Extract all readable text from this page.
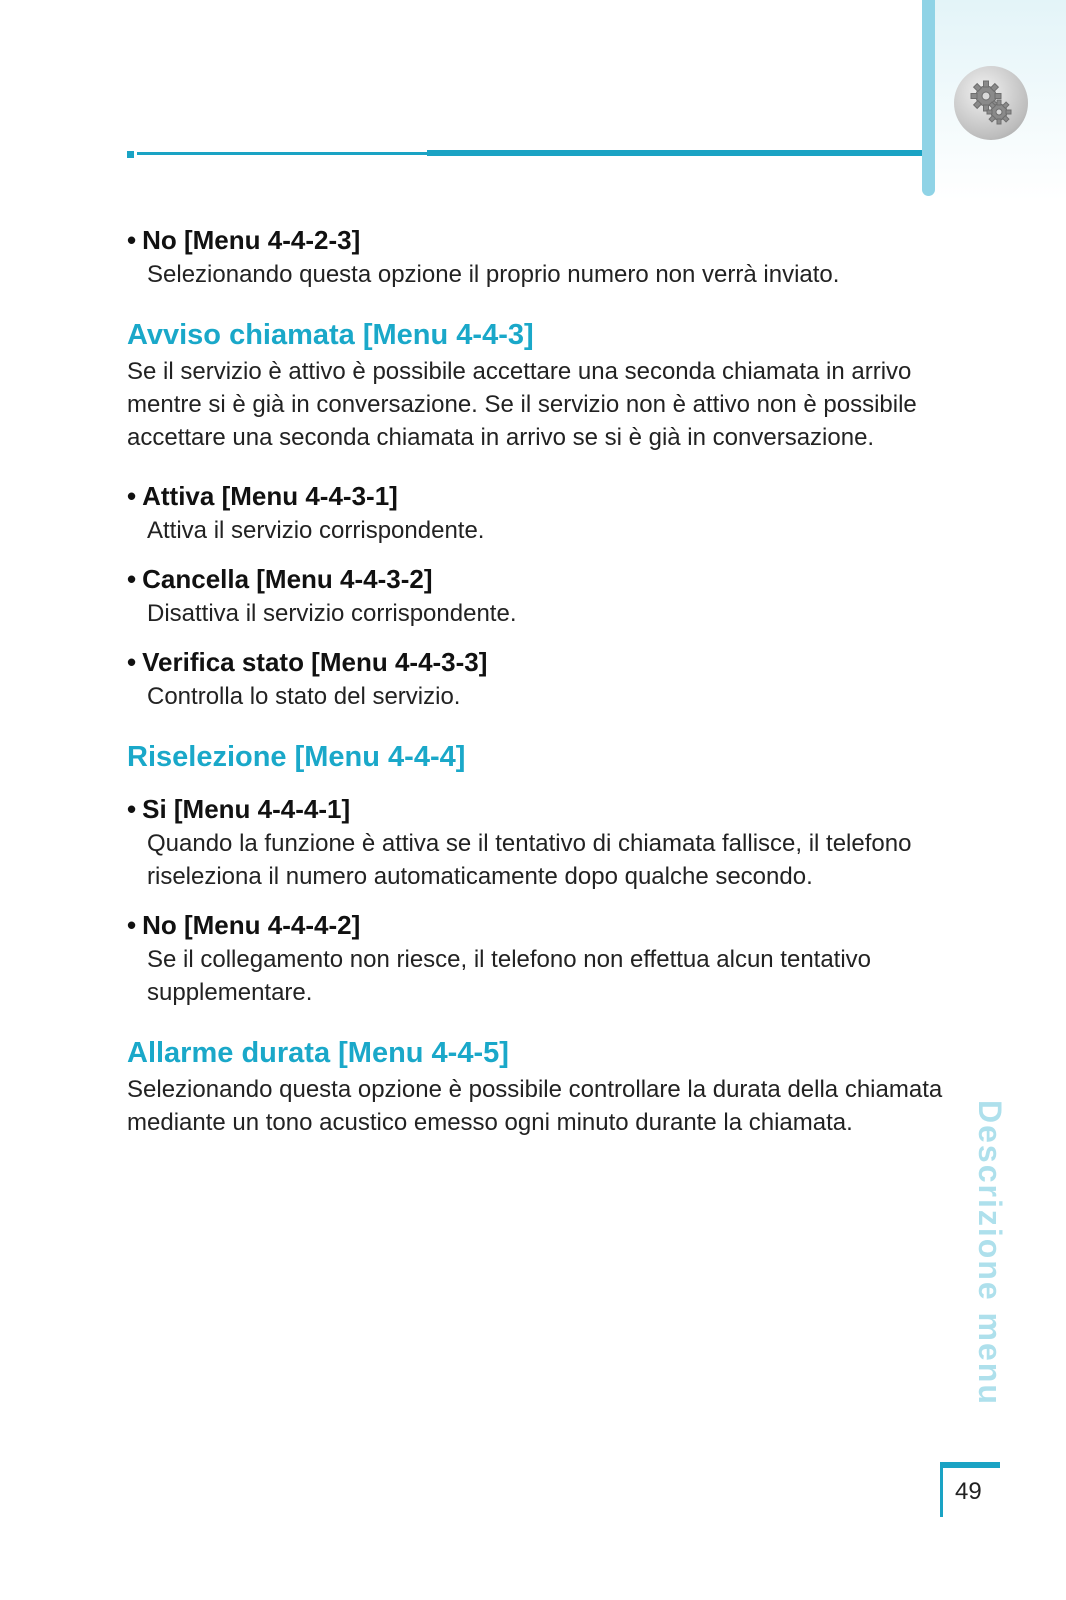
• No [Menu 4-4-2-3]
Selezionando questa opzione il proprio numero non verrà inviato.
Avviso chiamata [Menu 4-4-3]
Se il servizio è attivo è possibile accettare una seconda chiamata in arrivo mentre si è già in conversazione. Se il servizio non è attivo non è possibile accettare una seconda chiamata in arrivo se si è già in conversazione.
• Attiva [Menu 4-4-3-1]
Attiva il servizio corrispondente.
• Cancella [Menu 4-4-3-2]
Disattiva il servizio corrispondente.
• Verifica stato [Menu 4-4-3-3]
Controlla lo stato del servizio.
Riselezione [Menu 4-4-4]
• Si [Menu 4-4-4-1]
Quando la funzione è attiva se il tentativo di chiamata fallisce, il telefono riseleziona il numero automaticamente dopo qualche secondo.
• No [Menu 4-4-4-2]
Se il collegamento non riesce, il telefono non effettua alcun tentativo supplementare.
Allarme durata [Menu 4-4-5]
Selezionando questa opzione è possibile controllare la durata della chiamata mediante un tono acustico emesso ogni minuto durante la chiamata.	Descrizione menu
49
